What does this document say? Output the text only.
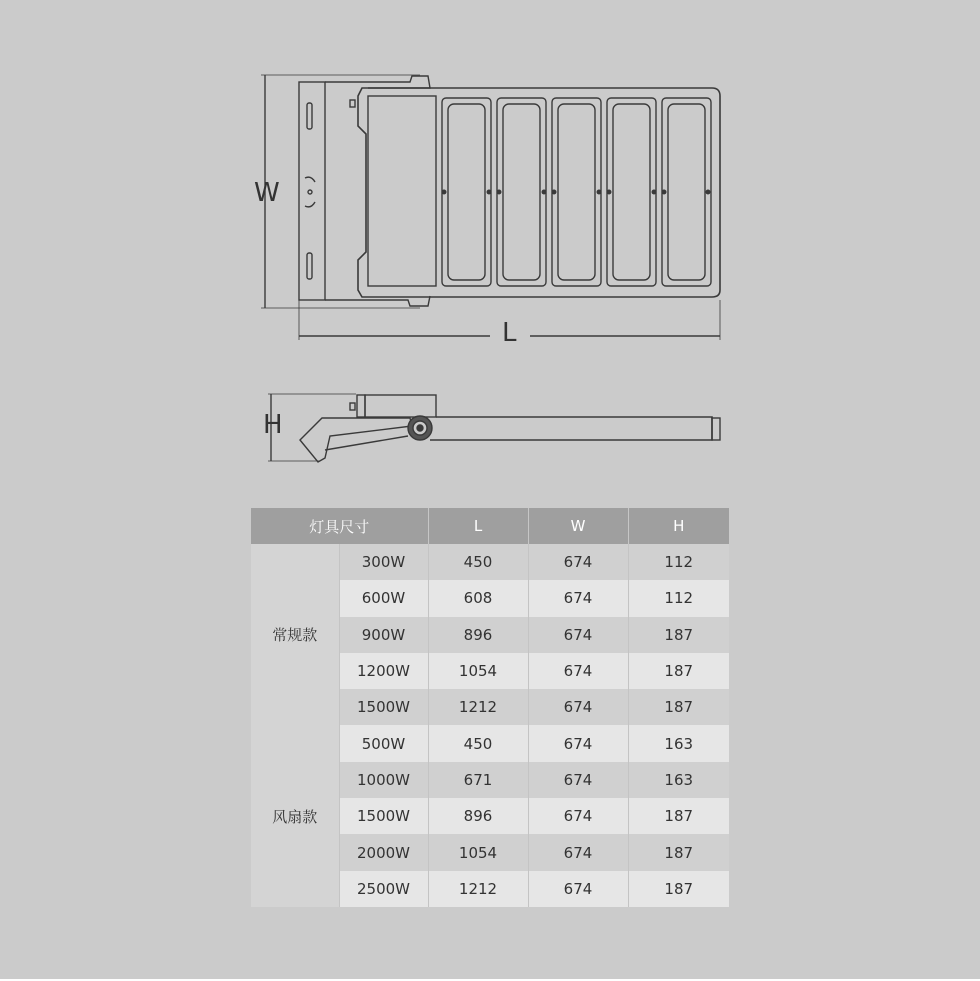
W
L
H
灯具尺寸		L	W	H
常规款	300W	450	674	112
	600W	608	674	112
	900W	896	674	187
	1200W	1054	674	187
	1500W	1212	674	187
风扇款	500W	450	674	163
	1000W	671	674	163
	1500W	896	674	187
	2000W	1054	674	187
	2500W	1212	674	187
